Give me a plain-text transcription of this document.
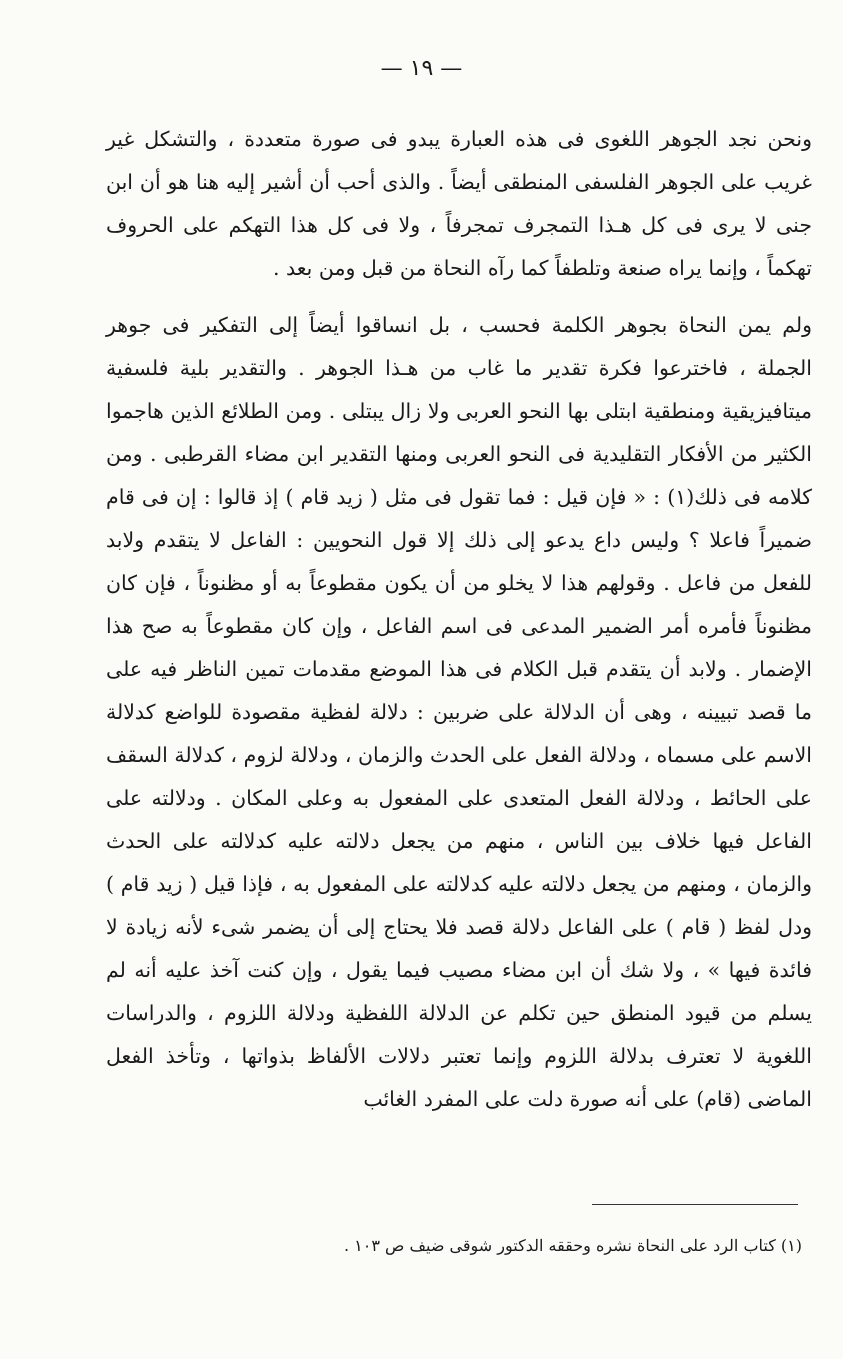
— ١٩ —

ونحن نجد الجوهر اللغوى فى هذه العبارة يبدو فى صورة متعددة ، والتشكل غير غريب على الجوهر الفلسفى المنطقى أيضاً . والذى أحب أن أشير إليه هنا هو أن ابن جنى لا يرى فى كل هـذا التمجرف تمجرفاً ، ولا فى كل هذا التهكم على الحروف تهكماً ، وإنما يراه صنعة وتلطفاً كما رآه النحاة من قبل ومن بعد .

ولم يمن النحاة بجوهر الكلمة فحسب ، بل انساقوا أيضاً إلى التفكير فى جوهر الجملة ، فاخترعوا فكرة تقدير ما غاب من هـذا الجوهر . والتقدير بلية فلسفية ميتافيزيقية ومنطقية ابتلى بها النحو العربى ولا زال يبتلى . ومن الطلائع الذين هاجموا الكثير من الأفكار التقليدية فى النحو العربى ومنها التقدير ابن مضاء القرطبى . ومن كلامه فى ذلك(١) : « فإن قيل : فما تقول فى مثل ( زيد قام ) إذ قالوا : إن فى قام ضميراً فاعلا ؟ وليس داع يدعو إلى ذلك إلا قول النحويين : الفاعل لا يتقدم ولابد للفعل من فاعل . وقولهم هذا لا يخلو من أن يكون مقطوعاً به أو مظنوناً ، فإن كان مظنوناً فأمره أمر الضمير المدعى فى اسم الفاعل ، وإن كان مقطوعاً به صح هذا الإضمار . ولابد أن يتقدم قبل الكلام فى هذا الموضع مقدمات تمين الناظر فيه على ما قصد تبيينه ، وهى أن الدلالة على ضربين : دلالة لفظية مقصودة للواضع كدلالة الاسم على مسماه ، ودلالة الفعل على الحدث والزمان ، ودلالة لزوم ، كدلالة السقف على الحائط ، ودلالة الفعل المتعدى على المفعول به وعلى المكان . ودلالته على الفاعل فيها خلاف بين الناس ، منهم من يجعل دلالته عليه كدلالته على الحدث والزمان ، ومنهم من يجعل دلالته عليه كدلالته على المفعول به ، فإذا قيل ( زيد قام ) ودل لفظ ( قام ) على الفاعل دلالة قصد فلا يحتاج إلى أن يضمر شىء لأنه زيادة لا فائدة فيها » ، ولا شك أن ابن مضاء مصيب فيما يقول ، وإن كنت آخذ عليه أنه لم يسلم من قيود المنطق حين تكلم عن الدلالة اللفظية ودلالة اللزوم ، والدراسات اللغوية لا تعترف بدلالة اللزوم وإنما تعتبر دلالات الألفاظ بذواتها ، وتأخذ الفعل الماضى (قام) على أنه صورة دلت على المفرد الغائب

(١) كتاب الرد على النحاة نشره وحققه الدكتور شوقى ضيف ص ١٠٣ .
